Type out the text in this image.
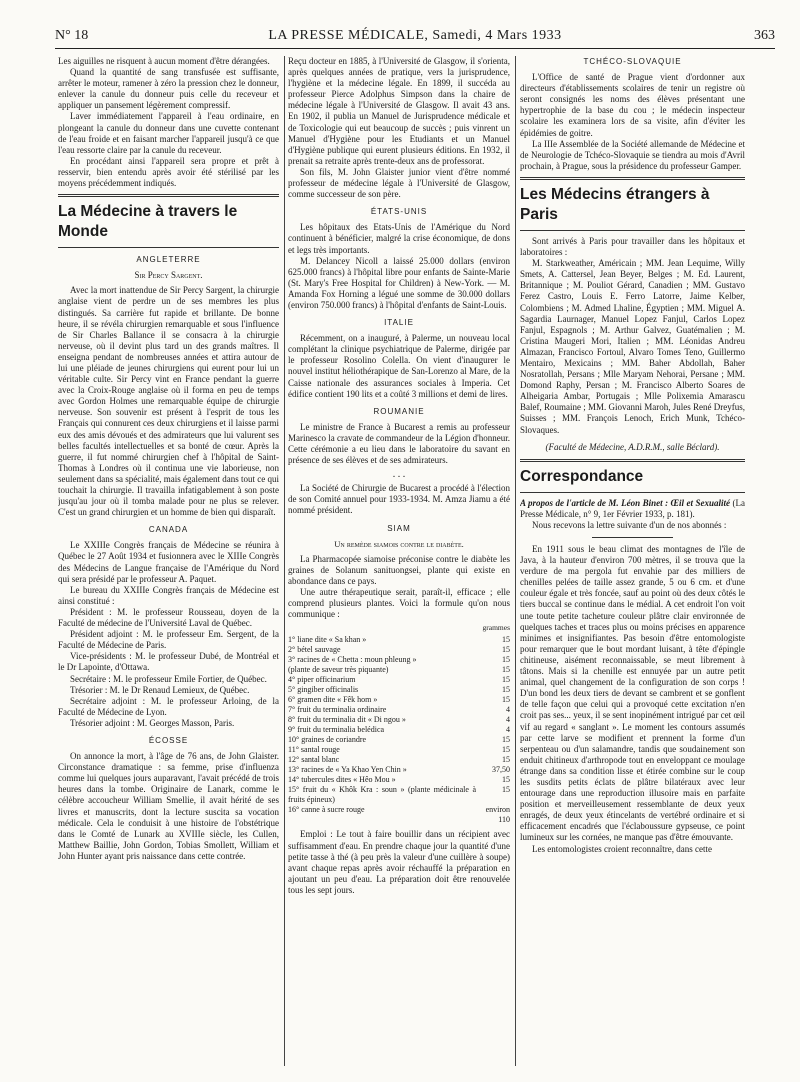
N° 18	LA PRESSE MÉDICALE, Samedi, 4 Mars 1933	363

Les aiguilles ne risquent à aucun moment d'être dérangées.

Quand la quantité de sang transfusée est suffisante, arrêter le moteur, ramener à zéro la pression chez le donneur, enlever la canule du donneur puis celle du receveur et appliquer un pansement légèrement compressif.

Laver immédiatement l'appareil à l'eau ordinaire, en plongeant la canule du donneur dans une cuvette contenant de l'eau froide et en faisant marcher l'appareil jusqu'à ce que l'eau ressorte claire par la canule du receveur.

En procédant ainsi l'appareil sera propre et prêt à resservir, bien entendu après avoir été stérilisé par les moyens précédemment indiqués.

La Médecine à travers le Monde
ANGLETERRE
Sir Percy Sargent.

Avec la mort inattendue de Sir Percy Sargent, la chirurgie anglaise vient de perdre un de ses membres les plus distingués. Sa carrière fut rapide et brillante. De bonne heure, il se révéla chirurgien remarquable et sous l'influence de Sir Charles Ballance il se consacra à la chirurgie nerveuse, où il devint plus tard un des grands maîtres. Il enseigna pendant de nombreuses années et attira autour de lui une pléiade de jeunes chirurgiens qui eurent pour lui un véritable culte. Sir Percy vint en France pendant la guerre avec la Croix-Rouge anglaise où il forma en peu de temps avec Gordon Holmes une remarquable équipe de chirurgie nerveuse. Son souvenir est présent à l'esprit de tous les Français qui connurent ces deux chirurgiens et il laisse parmi eux des amis dévoués et des admirateurs que lui valurent ses belles facultés intellectuelles et sa bonté de cœur. Après la guerre, il fut nommé chirurgien chef à l'hôpital de Saint-Thomas à Londres où il continua une vie laborieuse, non seulement dans sa spécialité, mais également dans tout ce qui touchait la chirurgie. Il travailla infatigablement à son poste jusqu'au jour où il tomba malade pour ne plus se relever. C'est un grand chirurgien et un homme de bien qui disparaît.

CANADA

Le XXIIIe Congrès français de Médecine se réunira à Québec le 27 Août 1934 et fusionnera avec le XIIIe Congrès des Médecins de Langue française de l'Amérique du Nord qui sera présidé par le professeur A. Paquet.

Le bureau du XXIIIe Congrès français de Médecine est ainsi constitué :

Président : M. le professeur Rousseau, doyen de la Faculté de médecine de l'Université Laval de Québec.

Président adjoint : M. le professeur Em. Sergent, de la Faculté de Médecine de Paris.

Vice-présidents : M. le professeur Dubé, de Montréal et le Dr Lapointe, d'Ottawa.

Secrétaire : M. le professeur Emile Fortier, de Québec.

Trésorier : M. le Dr Renaud Lemieux, de Québec.

Secrétaire adjoint : M. le professeur Arloing, de la Faculté de Médecine de Lyon.

Trésorier adjoint : M. Georges Masson, Paris.

ÉCOSSE

On annonce la mort, à l'âge de 76 ans, de John Glaister. Circonstance dramatique : sa femme, prise d'influenza comme lui quelques jours auparavant, l'avait précédé de trois heures dans la tombe. Originaire de Lanark, comme le célèbre accoucheur William Smellie, il avait hérité de ses livres et manuscrits, dont la lecture suscita sa vocation médicale. Cela le conduisit à une histoire de l'obstétrique dans le Comté de Lunark au XVIIIe siècle, les Cullen, Matthew Baillie, John Gordon, Tobias Smollett, William et John Hunter ayant pris naissance dans cette contrée.

Reçu docteur en 1885, à l'Université de Glasgow, il s'orienta, après quelques années de pratique, vers la jurisprudence, l'hygiène et la médecine légale. En 1899, il succéda au professeur Pierce Adolphus Simpson dans la chaire de médecine légale à l'Université de Glasgow. Il avait 43 ans. En 1902, il publia un Manuel de Jurisprudence médicale et de Toxicologie qui eut beaucoup de succès ; puis vinrent un Manuel d'Hygiène pour les Etudiants et un Manuel d'Hygiène publique qui eurent plusieurs éditions. En 1932, il prenait sa retraite après trente-deux ans de professorat.

Son fils, M. John Glaister junior vient d'être nommé professeur de médecine légale à l'Université de Glasgow, comme successeur de son père.

ÉTATS-UNIS

Les hôpitaux des Etats-Unis de l'Amérique du Nord continuent à bénéficier, malgré la crise économique, de dons et legs très importants.

M. Delancey Nicoll a laissé 25.000 dollars (environ 625.000 francs) à l'hôpital libre pour enfants de Sainte-Marie (St. Mary's Free Hospital for Children) à New-York. — M. Amanda Fox Horning a légué une somme de 30.000 dollars (environ 750.000 francs) à l'hôpital d'enfants de Saint-Louis.

ITALIE

Récemment, on a inauguré, à Palerme, un nouveau local complétant la clinique psychiatrique de Palerme, dirigée par le professeur Rosolino Colella. On vient d'inaugurer le nouvel institut héliothérapique de San-Lorenzo al Mare, de la Caisse nationale des assurances sociales à Imperia. Cet édifice contient 190 lits et a coûté 3 millions et demi de lires.

ROUMANIE

Le ministre de France à Bucarest a remis au professeur Marinesco la cravate de commandeur de la Légion d'honneur. Cette cérémonie a eu lieu dans le laboratoire du savant en présence de ses élèves et de ses admirateurs.

. . .

La Société de Chirurgie de Bucarest a procédé à l'élection de son Comité annuel pour 1933-1934. M. Amza Jiamu a été nommé président.

SIAM
Un remède siamois contre le diabète.

La Pharmacopée siamoise préconise contre le diabète les graines de Solanum sanituongsei, plante qui existe en abondance dans ce pays.

Une autre thérapeutique serait, paraît-il, efficace ; elle comprend plusieurs plantes. Voici la formule qu'on nous communique :

grammes
1° liane dite « Sa khan »	15
2° bétel sauvage	15
3° racines de « Chetta : moun phleung »	15
(plante de saveur très piquante)	15
4° piper officinarium	15
5° gingiber officinalis	15
6° gramen dite « Fêk hom »	15
7° fruit du terminalia ordinaire	4
8° fruit du terminalia dit « Di ngou »	4
9° fruit du terminalia belédica	4
10° graines de coriandre	15
11° santal rouge	15
12° santal blanc	15
13° racines de « Ya Khao Yen Chin »	37,50
14° tubercules dites « Hêo Mou »	15
15° fruit du « Khôk Kra : soun » (plante médicinale à fruits épineux)	15
16° canne à sucre rouge	environ 110

Emploi : Le tout à faire bouillir dans un récipient avec suffisamment d'eau. En prendre chaque jour la quantité d'une petite tasse à thé (à peu près la valeur d'une cuillère à soupe) avant chaque repas après avoir réchauffé la préparation en ajoutant un peu d'eau. La préparation doit être renouvelée tous les sept jours.

TCHÉCO-SLOVAQUIE

L'Office de santé de Prague vient d'ordonner aux directeurs d'établissements scolaires de tenir un registre où seront consignés les noms des élèves présentant une hypertrophie de la base du cou ; le médecin inspecteur scolaire les examinera lors de sa visite, afin d'éviter les épidémies de goitre.

La IIIe Assemblée de la Société allemande de Médecine et de Neurologie de Tchéco-Slovaquie se tiendra au mois d'Avril prochain, à Prague, sous la présidence du professeur Gamper.

Les Médecins étrangers à Paris

Sont arrivés à Paris pour travailler dans les hôpitaux et laboratoires :

M. Starkweather, Américain ; MM. Jean Lequime, Willy Smets, A. Cattersel, Jean Beyer, Belges ; M. Ed. Laurent, Britannique ; M. Pouliot Gérard, Canadien ; MM. Gustavo Ferez Castro, Louis E. Ferro Latorre, Jaime Kelber, Colombiens ; M. Admed Lhaline, Égyptien ; MM. Miguel A. Sagardia Laurnager, Manuel Lopez Fanjul, Carlos Lopez Fanjul, Espagnols ; M. Arthur Galvez, Guatémalien ; M. Cristina Maugeri Mori, Italien ; MM. Léonidas Andreu Almazan, Francisco Fortoul, Alvaro Tomes Teno, Guillermo Mentairo, Mexicains ; MM. Baher Abdollah, Baher Nosratollah, Persans ; Mlle Maryam Nehorai, Persane ; MM. Domond Raphy, Persan ; M. Francisco Alberto Soares de Alheigaria Ambar, Portugais ; Mlle Polixemia Amarascu Balef, Roumaine ; MM. Giovanni Maroh, Jules René Dreyfus, Suisses ; MM. François Lenoch, Erich Munk, Tchéco-Slovaques.

(Faculté de Médecine, A.D.R.M., salle Béclard).
Correspondance

A propos de l'article de M. Léon Binet : Œil et Sexualité (La Presse Médicale, n° 9, 1er Février 1933, p. 181).

Nous recevons la lettre suivante d'un de nos abonnés :

En 1911 sous le beau climat des montagnes de l'île de Java, à la hauteur d'environ 700 mètres, il se trouva que la verdure de ma pergola fut envahie par des milliers de chenilles pelées de taille assez grande, 5 ou 6 cm. et d'une couleur égale et très foncée, sauf au point où des deux côtés le tiers buccal se continue dans le médial. A cet endroit l'on voit une toute petite tacheture couleur plâtre clair environnée de quelques taches et traces plus ou moins précises en apparence minimes et insignifiantes. Pas besoin d'être entomologiste pour remarquer que le bout mordant luisant, à tête d'épingle chitineuse, aisément reconnaissable, se meut librement à tâtons. Mais si la chenille est ennuyée par un autre petit animal, quel changement de la configuration de son corps ! D'un bond les deux tiers de devant se cambrent et se gonflent de telle façon que celui qui a provoqué cette excitation n'en croit pas ses... yeux, il se sent inopinément intrigué par cet œil vif au regard « sanglant ». Le moment les contours assumés par cette larve se modifient et prennent la forme d'un serpenteau ou d'un salamandre, tandis que soudainement son enduit chitineux d'arthropode tout en enveloppant ce moulage étrange dans sa condition lisse et étirée combine sur le coup les susdits petits éclats de plâtre bilatéraux avec leur entourage dans une reproduction illusoire mais en parfaite position et merveilleusement ressemblante de deux yeux enragés, de deux yeux étincelants de vertébré ordinaire et si efficacement encadrés que l'éclaboussure gypseuse, ce point lumineux sur les cornées, ne manque pas d'être émouvante.

Les entomologistes croient reconnaître, dans cette
